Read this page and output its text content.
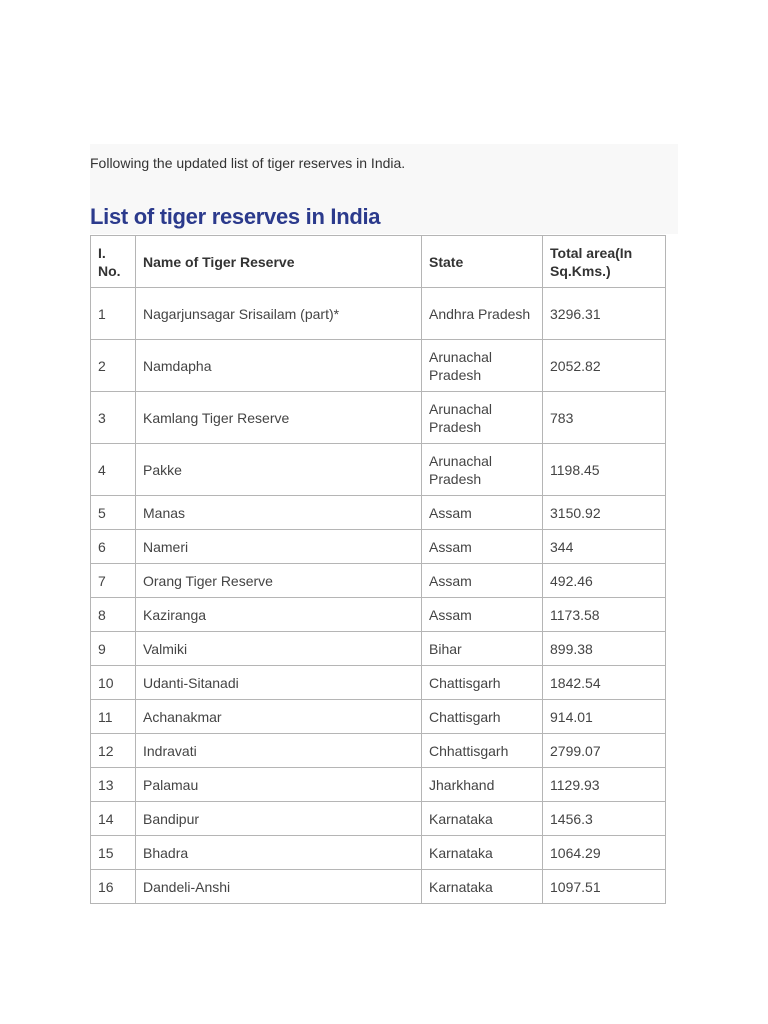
Following the updated list of tiger reserves in India.
List of tiger reserves in India
I. No.	Name of Tiger Reserve	State	Total area(In Sq.Kms.)
1	Nagarjunsagar Srisailam (part)*	Andhra Pradesh	3296.31
2	Namdapha	Arunachal Pradesh	2052.82
3	Kamlang Tiger Reserve	Arunachal Pradesh	783
4	Pakke	Arunachal Pradesh	1198.45
5	Manas	Assam	3150.92
6	Nameri	Assam	344
7	Orang Tiger Reserve	Assam	492.46
8	Kaziranga	Assam	1173.58
9	Valmiki	Bihar	899.38
10	Udanti-Sitanadi	Chattisgarh	1842.54
11	Achanakmar	Chattisgarh	914.01
12	Indravati	Chhattisgarh	2799.07
13	Palamau	Jharkhand	1129.93
14	Bandipur	Karnataka	1456.3
15	Bhadra	Karnataka	1064.29
16	Dandeli-Anshi	Karnataka	1097.51
